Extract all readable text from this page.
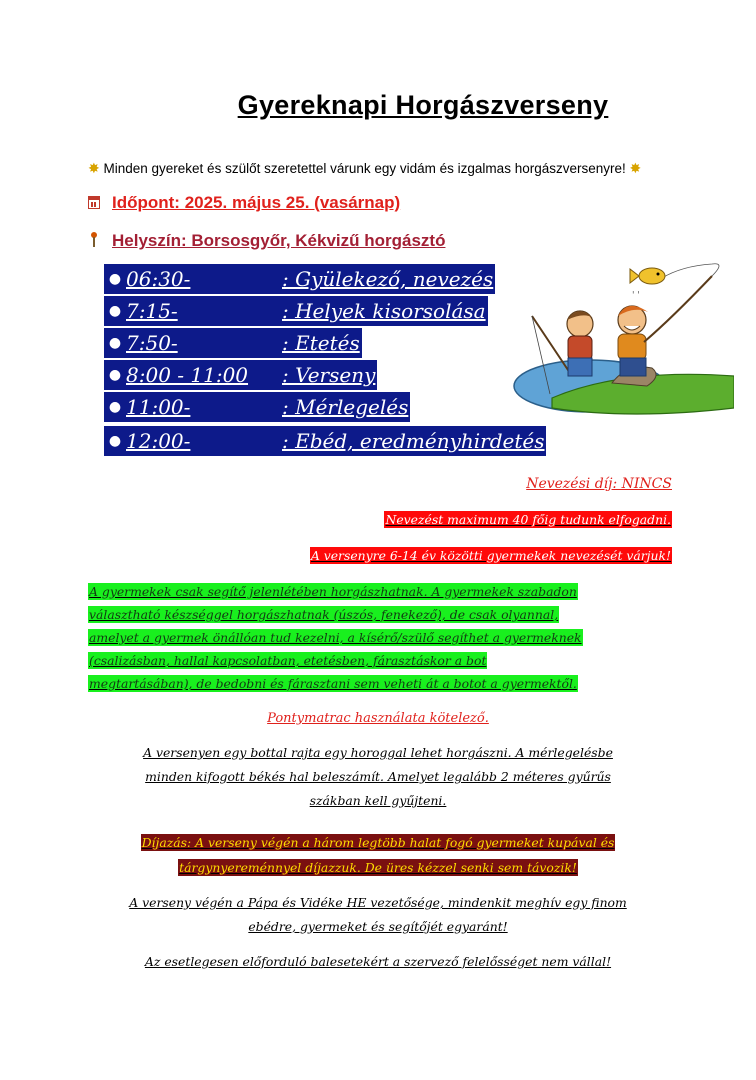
Gyereknapi Horgászverseny
✸ Minden gyereket és szülőt szeretettel várunk egy vidám és izgalmas horgászversenyre! ✸
Időpont: 2025. május 25. (vasárnap)
Helyszín: Borsosgyőr, Kékvizű horgásztó
● 06:30-	: Gyülekező, nevezés
● 7:15-	: Helyek kisorsolása
● 7:50-	: Etetés
● 8:00 - 11:00	: Verseny
● 11:00-	: Mérlegelés
● 12:00-	: Ebéd, eredményhirdetés
' '
Nevezési díj: NINCS
Nevezést maximum 40 főig tudunk elfogadni.
A versenyre 6-14 év közötti gyermekek nevezését várjuk!
A gyermekek csak segítő jelenlétében horgászhatnak. A gyermekek szabadon
választható készséggel horgászhatnak (úszós, fenekező), de csak olyannal,
amelyet a gyermek önállóan tud kezelni, a kísérő/szülő segíthet a gyermeknek
(csalizásban, hallal kapcsolatban, etetésben, fárasztáskor a bot
megtartásában), de bedobni és fárasztani sem veheti át a botot a gyermektől.
Pontymatrac használata kötelező.
A versenyen egy bottal rajta egy horoggal lehet horgászni. A mérlegelésbe
minden kifogott békés hal beleszámít. Amelyet legalább 2 méteres gyűrűs
szákban kell gyűjteni.
Díjazás: A verseny végén a három legtöbb halat fogó gyermeket kupával és
tárgynyereménnyel díjazzuk. De üres kézzel senki sem távozik!
A verseny végén a Pápa és Vidéke HE vezetősége, mindenkit meghív egy finom
ebédre, gyermeket és segítőjét egyaránt!
Az esetlegesen előforduló balesetekért a szervező felelősséget nem vállal!
